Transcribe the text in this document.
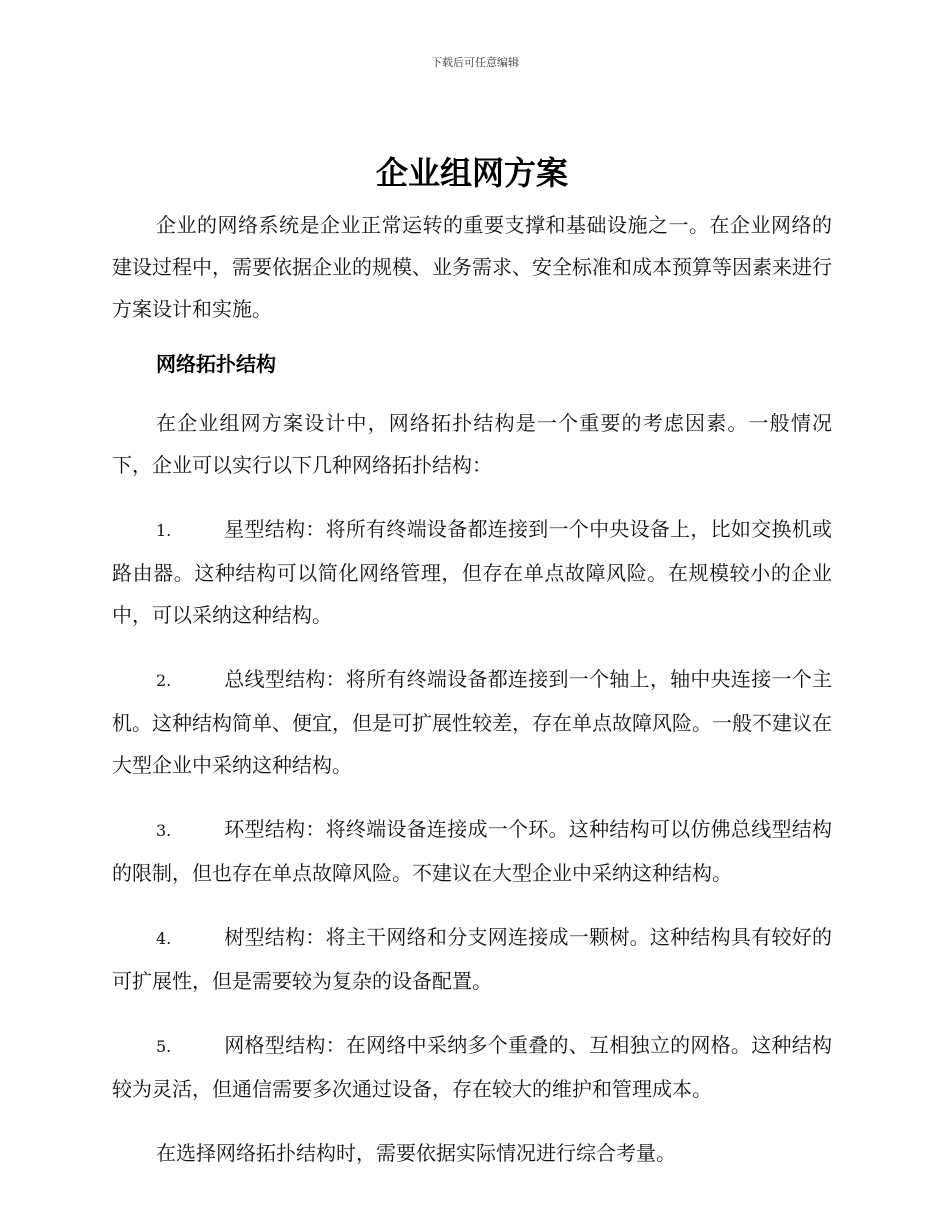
下载后可任意编辑
企业组网方案

企业的网络系统是企业正常运转的重要支撑和基础设施之一。在企业网络的建设过程中，需要依据企业的规模、业务需求、安全标准和成本预算等因素来进行方案设计和实施。

网络拓扑结构

在企业组网方案设计中，网络拓扑结构是一个重要的考虑因素。一般情况下，企业可以实行以下几种网络拓扑结构：

1.	星型结构：将所有终端设备都连接到一个中央设备上，比如交换机或路由器。这种结构可以简化网络管理，但存在单点故障风险。在规模较小的企业中，可以采纳这种结构。
2.	总线型结构：将所有终端设备都连接到一个轴上，轴中央连接一个主机。这种结构简单、便宜，但是可扩展性较差，存在单点故障风险。一般不建议在大型企业中采纳这种结构。
3.	环型结构：将终端设备连接成一个环。这种结构可以仿佛总线型结构的限制，但也存在单点故障风险。不建议在大型企业中采纳这种结构。
4.	树型结构：将主干网络和分支网连接成一颗树。这种结构具有较好的可扩展性，但是需要较为复杂的设备配置。
5.	网格型结构：在网络中采纳多个重叠的、互相独立的网格。这种结构较为灵活，但通信需要多次通过设备，存在较大的维护和管理成本。

在选择网络拓扑结构时，需要依据实际情况进行综合考量。
